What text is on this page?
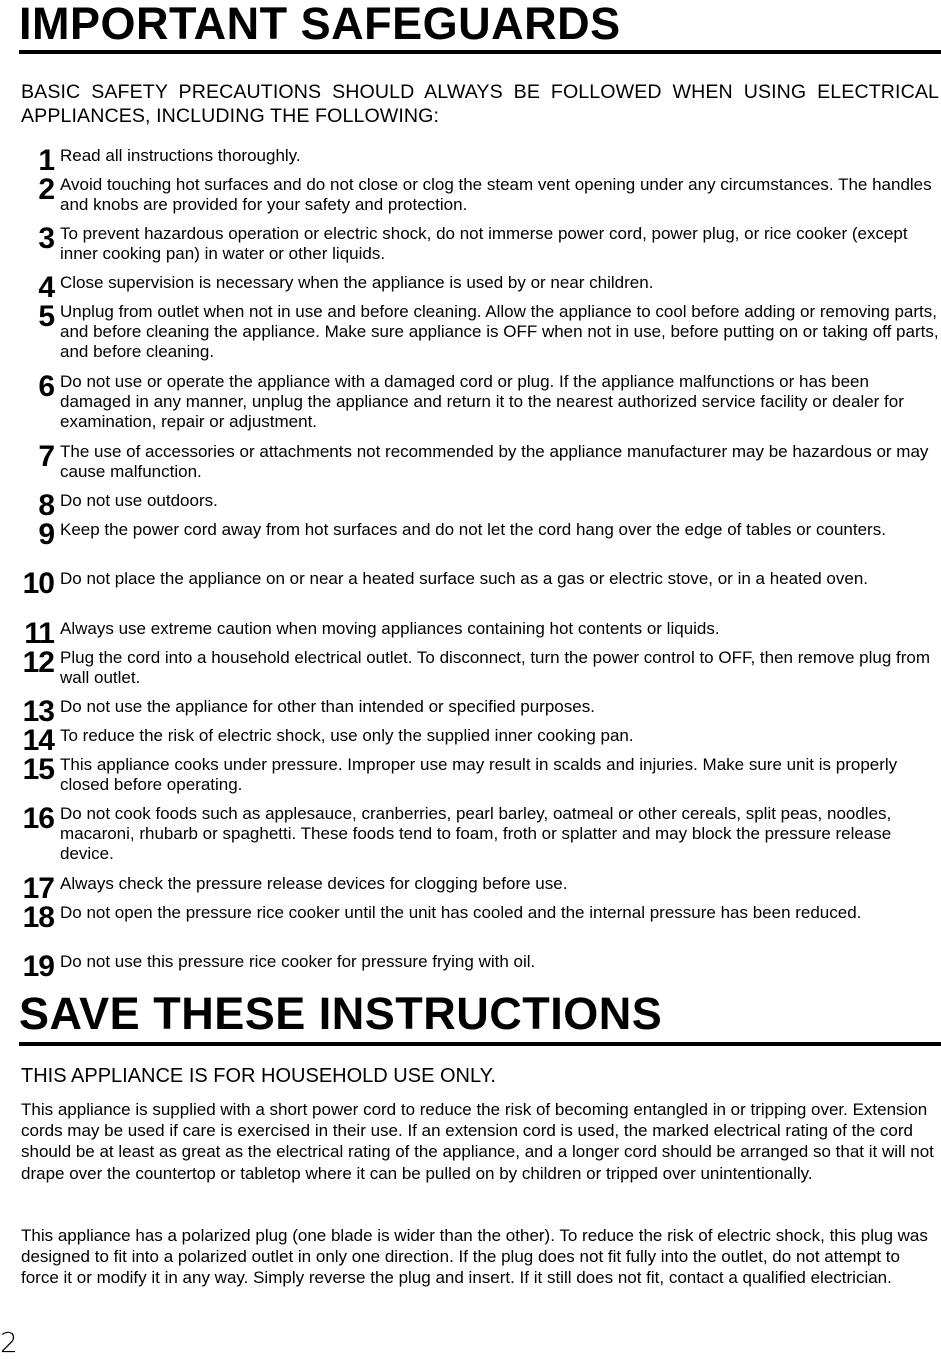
IMPORTANT SAFEGUARDS
BASIC SAFETY PRECAUTIONS SHOULD ALWAYS BE FOLLOWED WHEN USING ELECTRICAL APPLIANCES, INCLUDING THE FOLLOWING:
1 Read all instructions thoroughly.
2 Avoid touching hot surfaces and do not close or clog the steam vent opening under any circumstances. The handles and knobs are provided for your safety and protection.
3 To prevent hazardous operation or electric shock, do not immerse power cord, power plug, or rice cooker (except inner cooking pan) in water or other liquids.
4 Close supervision is necessary when the appliance is used by or near children.
5 Unplug from outlet when not in use and before cleaning. Allow the appliance to cool before adding or removing parts, and before cleaning the appliance. Make sure appliance is OFF when not in use, before putting on or taking off parts, and before cleaning.
6 Do not use or operate the appliance with a damaged cord or plug. If the appliance malfunctions or has been damaged in any manner, unplug the appliance and return it to the nearest authorized service facility or dealer for examination, repair or adjustment.
7 The use of accessories or attachments not recommended by the appliance manufacturer may be hazardous or may cause malfunction.
8 Do not use outdoors.
9 Keep the power cord away from hot surfaces and do not let the cord hang over the edge of tables or counters.
10 Do not place the appliance on or near a heated surface such as a gas or electric stove, or in a heated oven.
11 Always use extreme caution when moving appliances containing hot contents or liquids.
12 Plug the cord into a household electrical outlet. To disconnect, turn the power control to OFF, then remove plug from wall outlet.
13 Do not use the appliance for other than intended or specified purposes.
14 To reduce the risk of electric shock, use only the supplied inner cooking pan.
15 This appliance cooks under pressure. Improper use may result in scalds and injuries. Make sure unit is properly closed before operating.
16 Do not cook foods such as applesauce, cranberries, pearl barley, oatmeal or other cereals, split peas, noodles, macaroni, rhubarb or spaghetti. These foods tend to foam, froth or splatter and may block the pressure release device.
17 Always check the pressure release devices for clogging before use.
18 Do not open the pressure rice cooker until the unit has cooled and the internal pressure has been reduced.
19 Do not use this pressure rice cooker for pressure frying with oil.
SAVE THESE INSTRUCTIONS
THIS APPLIANCE IS FOR HOUSEHOLD USE ONLY.
This appliance is supplied with a short power cord to reduce the risk of becoming entangled in or tripping over. Extension cords may be used if care is exercised in their use. If an extension cord is used, the marked electrical rating of the cord should be at least as great as the electrical rating of the appliance, and a longer cord should be arranged so that it will not drape over the countertop or tabletop where it can be pulled on by children or tripped over unintentionally.
This appliance has a polarized plug (one blade is wider than the other). To reduce the risk of electric shock, this plug was designed to fit into a polarized outlet in only one direction. If the plug does not fit fully into the outlet, do not attempt to force it or modify it in any way. Simply reverse the plug and insert. If it still does not fit, contact a qualified electrician.
2
